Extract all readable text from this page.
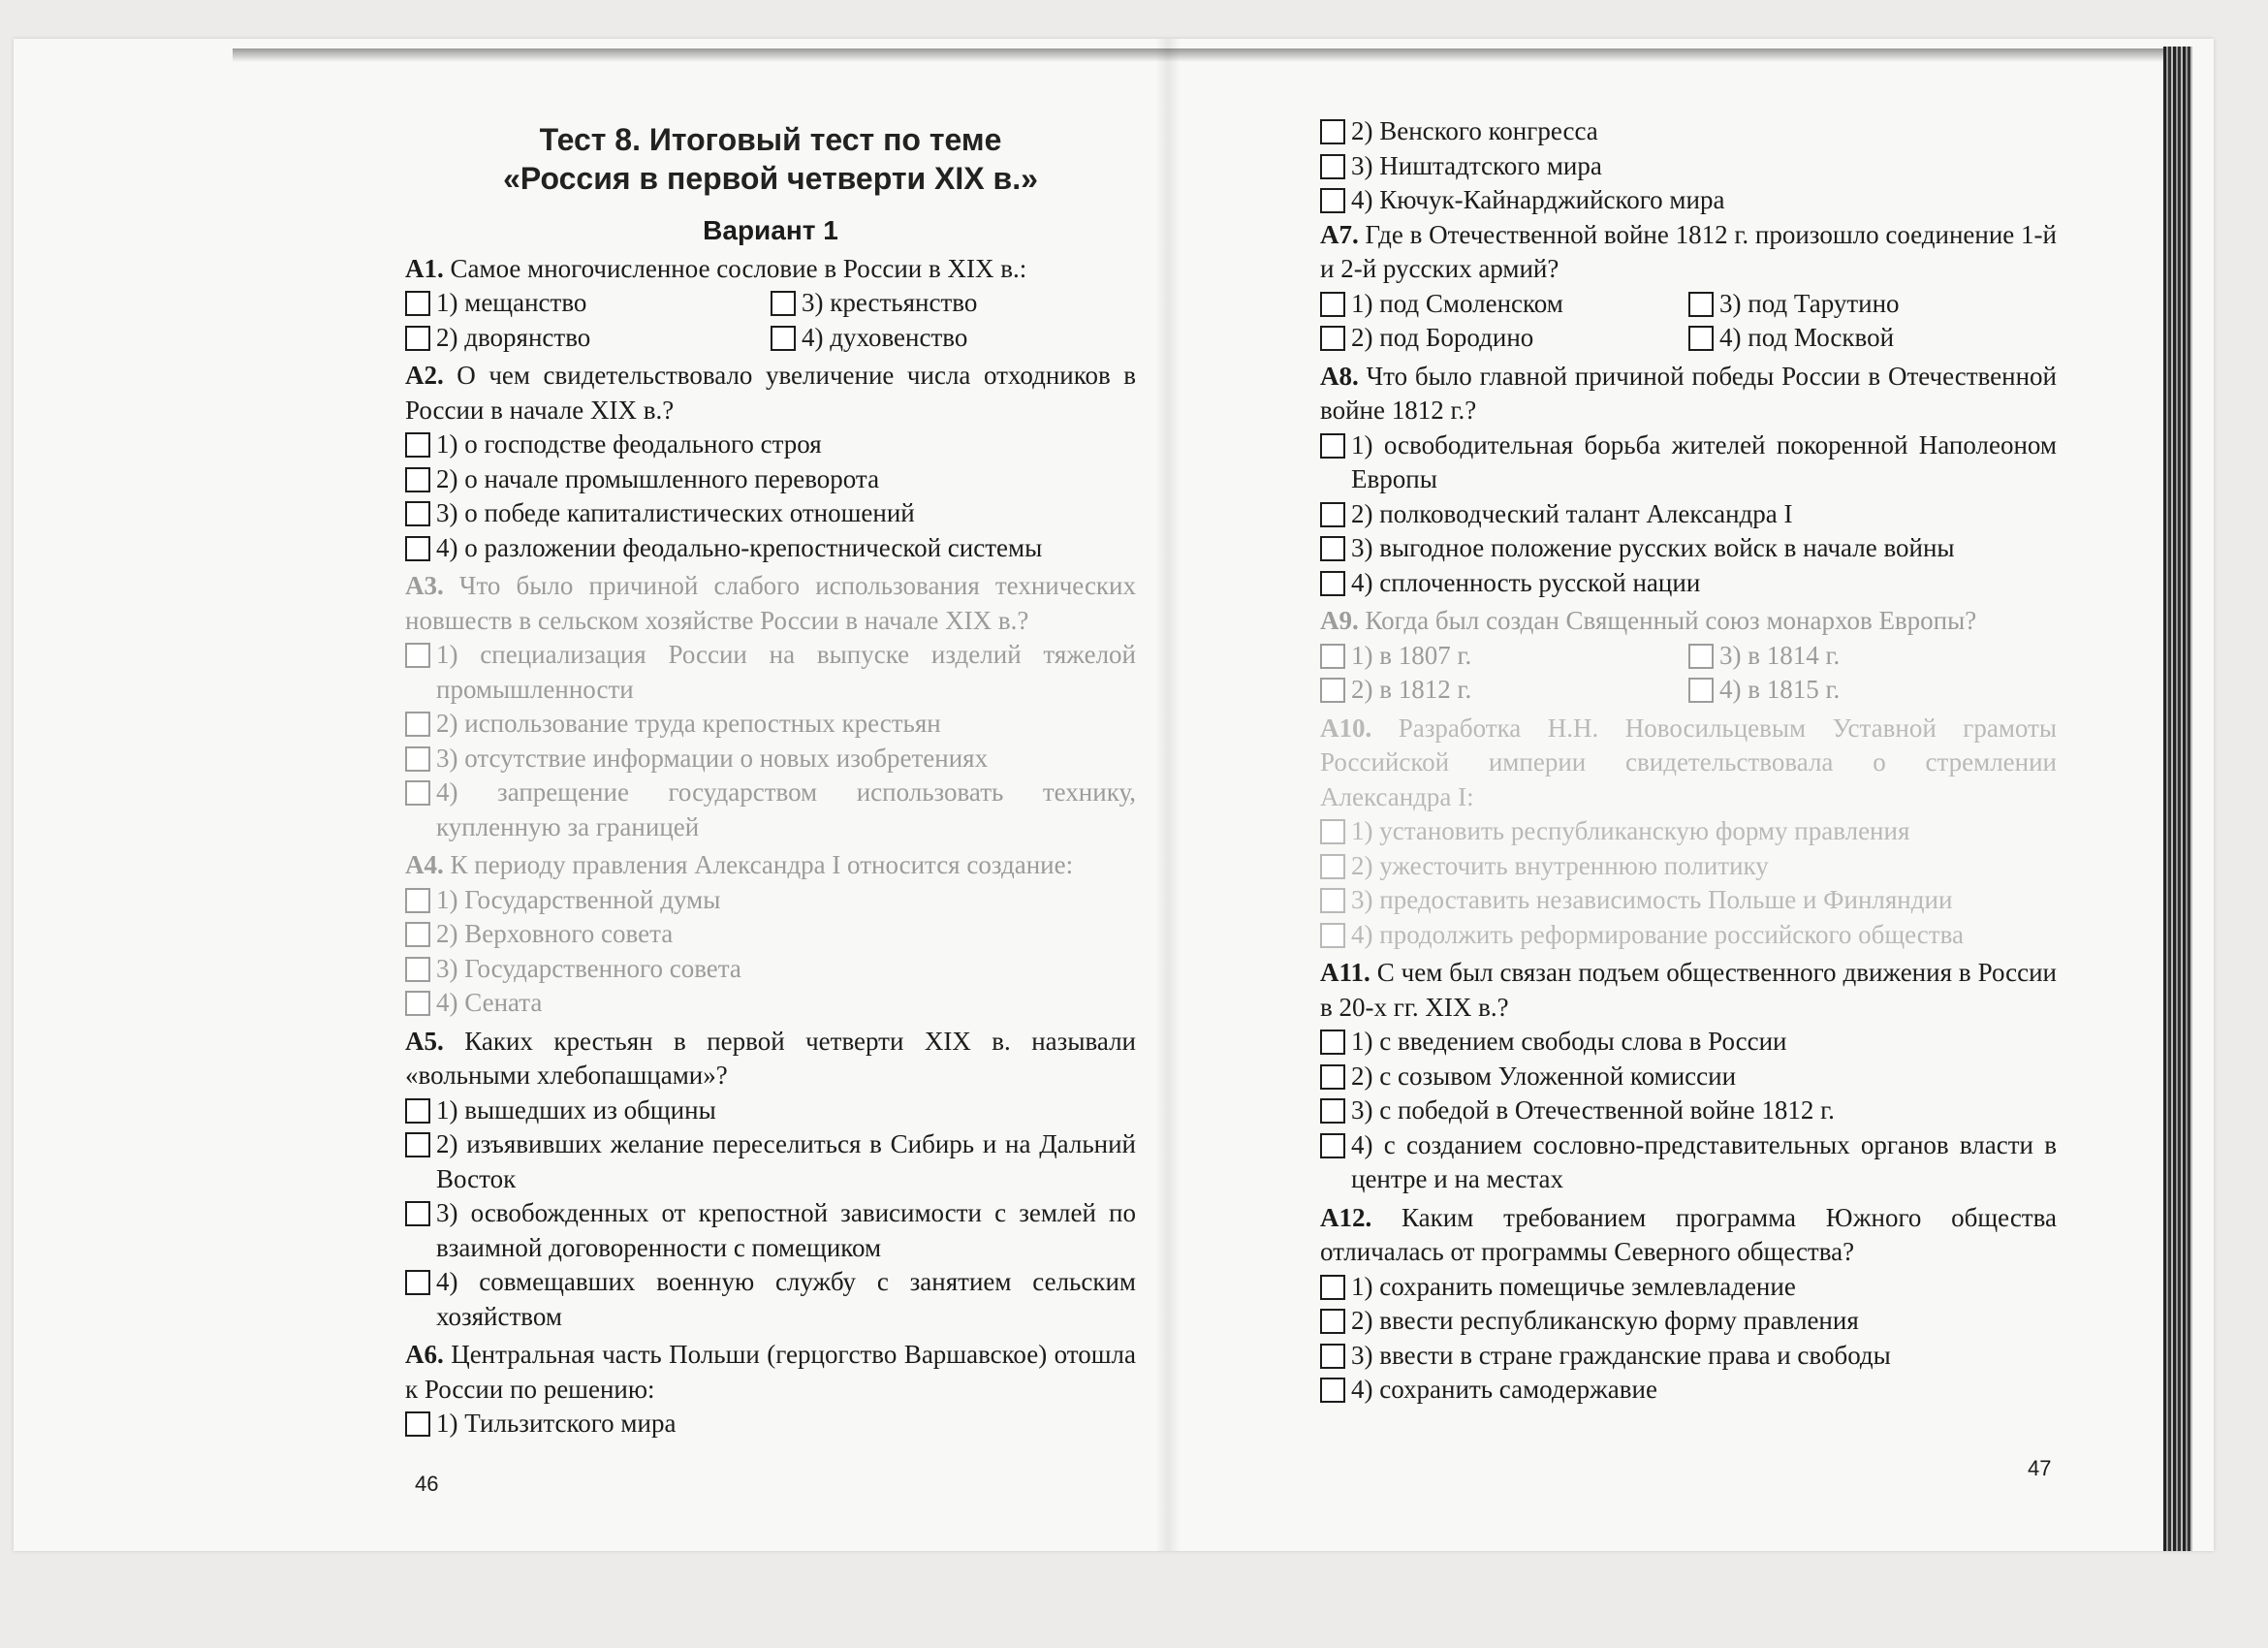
Тест 8. Итоговый тест по теме
«Россия в первой четверти XIX в.»
Вариант 1
А1. Самое многочисленное сословие в России в XIX в.:
1) мещанство	3) крестьянство
2) дворянство	4) духовенство
А2. О чем свидетельствовало увеличение числа отходников в России в начале XIX в.?
1) о господстве феодального строя
2) о начале промышленного переворота
3) о победе капиталистических отношений
4) о разложении феодально-крепостнической системы
А3. Что было причиной слабого использования технических новшеств в сельском хозяйстве России в начале XIX в.?
1) специализация России на выпуске изделий тяжелой промышленности
2) использование труда крепостных крестьян
3) отсутствие информации о новых изобретениях
4) запрещение государством использовать технику, купленную за границей
А4. К периоду правления Александра I относится создание:
1) Государственной думы
2) Верховного совета
3) Государственного совета
4) Сената
А5. Каких крестьян в первой четверти XIX в. называли «вольными хлебопашцами»?
1) вышедших из общины
2) изъявивших желание переселиться в Сибирь и на Дальний Восток
3) освобожденных от крепостной зависимости с землей по взаимной договоренности с помещиком
4) совмещавших военную службу с занятием сельским хозяйством
А6. Центральная часть Польши (герцогство Варшавское) отошла к России по решению:
1) Тильзитского мира
46
2) Венского конгресса
3) Ништадтского мира
4) Кючук-Кайнарджийского мира
А7. Где в Отечественной войне 1812 г. произошло соединение 1-й и 2-й русских армий?
1) под Смоленском	3) под Тарутино
2) под Бородино	4) под Москвой
А8. Что было главной причиной победы России в Отечественной войне 1812 г.?
1) освободительная борьба жителей покоренной Наполеоном Европы
2) полководческий талант Александра I
3) выгодное положение русских войск в начале войны
4) сплоченность русской нации
А9. Когда был создан Священный союз монархов Европы?
1) в 1807 г.	3) в 1814 г.
2) в 1812 г.	4) в 1815 г.
А10. Разработка Н.Н. Новосильцевым Уставной грамоты Российской империи свидетельствовала о стремлении Александра I:
1) установить республиканскую форму правления
2) ужесточить внутреннюю политику
3) предоставить независимость Польше и Финляндии
4) продолжить реформирование российского общества
А11. С чем был связан подъем общественного движения в России в 20-х гг. XIX в.?
1) с введением свободы слова в России
2) с созывом Уложенной комиссии
3) с победой в Отечественной войне 1812 г.
4) с созданием сословно-представительных органов власти в центре и на местах
А12. Каким требованием программа Южного общества отличалась от программы Северного общества?
1) сохранить помещичье землевладение
2) ввести республиканскую форму правления
3) ввести в стране гражданские права и свободы
4) сохранить самодержавие
47
